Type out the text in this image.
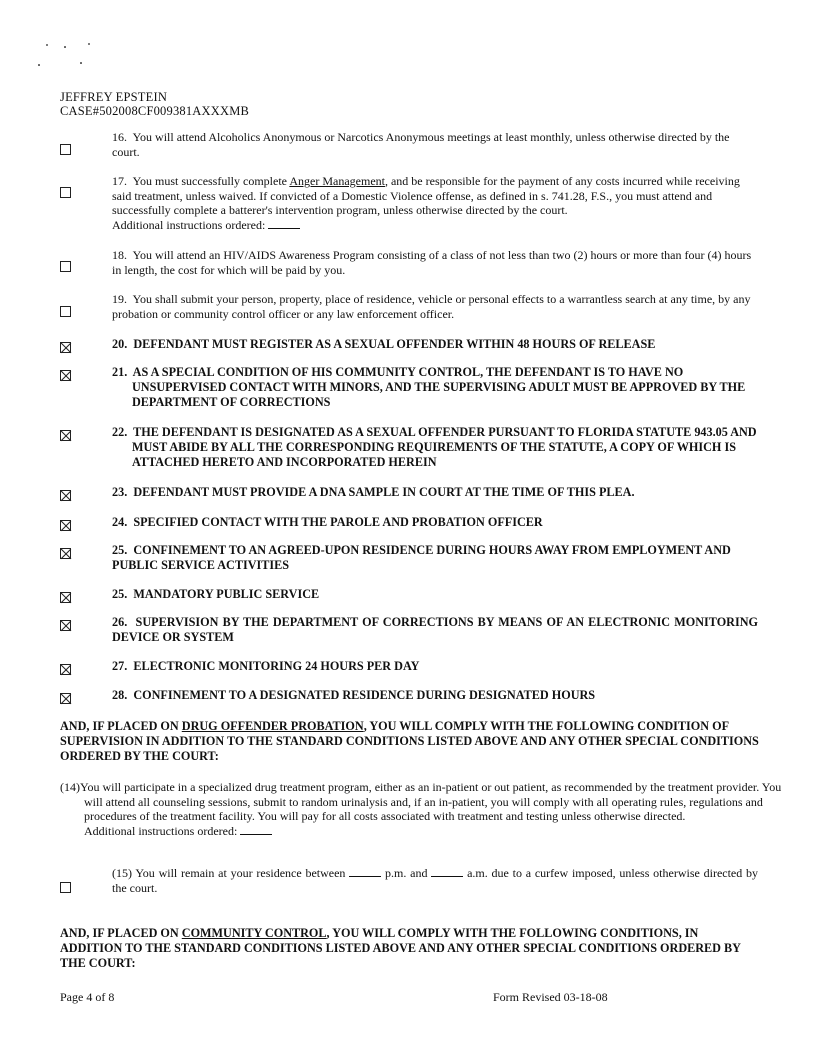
JEFFREY EPSTEIN
CASE#502008CF009381AXXXMB
16. You will attend Alcoholics Anonymous or Narcotics Anonymous meetings at least monthly, unless otherwise directed by the court.
17. You must successfully complete Anger Management, and be responsible for the payment of any costs incurred while receiving said treatment, unless waived. If convicted of a Domestic Violence offense, as defined in s. 741.28, F.S., you must attend and successfully complete a batterer's intervention program, unless otherwise directed by the court.
Additional instructions ordered:
18. You will attend an HIV/AIDS Awareness Program consisting of a class of not less than two (2) hours or more than four (4) hours in length, the cost for which will be paid by you.
19. You shall submit your person, property, place of residence, vehicle or personal effects to a warrantless search at any time, by any probation or community control officer or any law enforcement officer.
20. DEFENDANT MUST REGISTER AS A SEXUAL OFFENDER WITHIN 48 HOURS OF RELEASE
21. AS A SPECIAL CONDITION OF HIS COMMUNITY CONTROL, THE DEFENDANT IS TO HAVE NO UNSUPERVISED CONTACT WITH MINORS, AND THE SUPERVISING ADULT MUST BE APPROVED BY THE DEPARTMENT OF CORRECTIONS
22. THE DEFENDANT IS DESIGNATED AS A SEXUAL OFFENDER PURSUANT TO FLORIDA STATUTE 943.05 AND MUST ABIDE BY ALL THE CORRESPONDING REQUIREMENTS OF THE STATUTE, A COPY OF WHICH IS ATTACHED HERETO AND INCORPORATED HEREIN
23. DEFENDANT MUST PROVIDE A DNA SAMPLE IN COURT AT THE TIME OF THIS PLEA.
24. SPECIFIED CONTACT WITH THE PAROLE AND PROBATION OFFICER
25. CONFINEMENT TO AN AGREED-UPON RESIDENCE DURING HOURS AWAY FROM EMPLOYMENT AND PUBLIC SERVICE ACTIVITIES
25. MANDATORY PUBLIC SERVICE
26. SUPERVISION BY THE DEPARTMENT OF CORRECTIONS BY MEANS OF AN ELECTRONIC MONITORING DEVICE OR SYSTEM
27. ELECTRONIC MONITORING 24 HOURS PER DAY
28. CONFINEMENT TO A DESIGNATED RESIDENCE DURING DESIGNATED HOURS
AND, IF PLACED ON DRUG OFFENDER PROBATION, YOU WILL COMPLY WITH THE FOLLOWING CONDITION OF SUPERVISION IN ADDITION TO THE STANDARD CONDITIONS LISTED ABOVE AND ANY OTHER SPECIAL CONDITIONS ORDERED BY THE COURT:
(14)You will participate in a specialized drug treatment program, either as an in-patient or out patient, as recommended by the treatment provider. You will attend all counseling sessions, submit to random urinalysis and, if an in-patient, you will comply with all operating rules, regulations and procedures of the treatment facility. You will pay for all costs associated with treatment and testing unless otherwise directed.
Additional instructions ordered:
(15) You will remain at your residence between	p.m. and	a.m. due to a curfew imposed, unless otherwise directed by the court.
AND, IF PLACED ON COMMUNITY CONTROL, YOU WILL COMPLY WITH THE FOLLOWING CONDITIONS, IN ADDITION TO THE STANDARD CONDITIONS LISTED ABOVE AND ANY OTHER SPECIAL CONDITIONS ORDERED BY THE COURT:
Page 4 of 8	Form Revised 03-18-08
